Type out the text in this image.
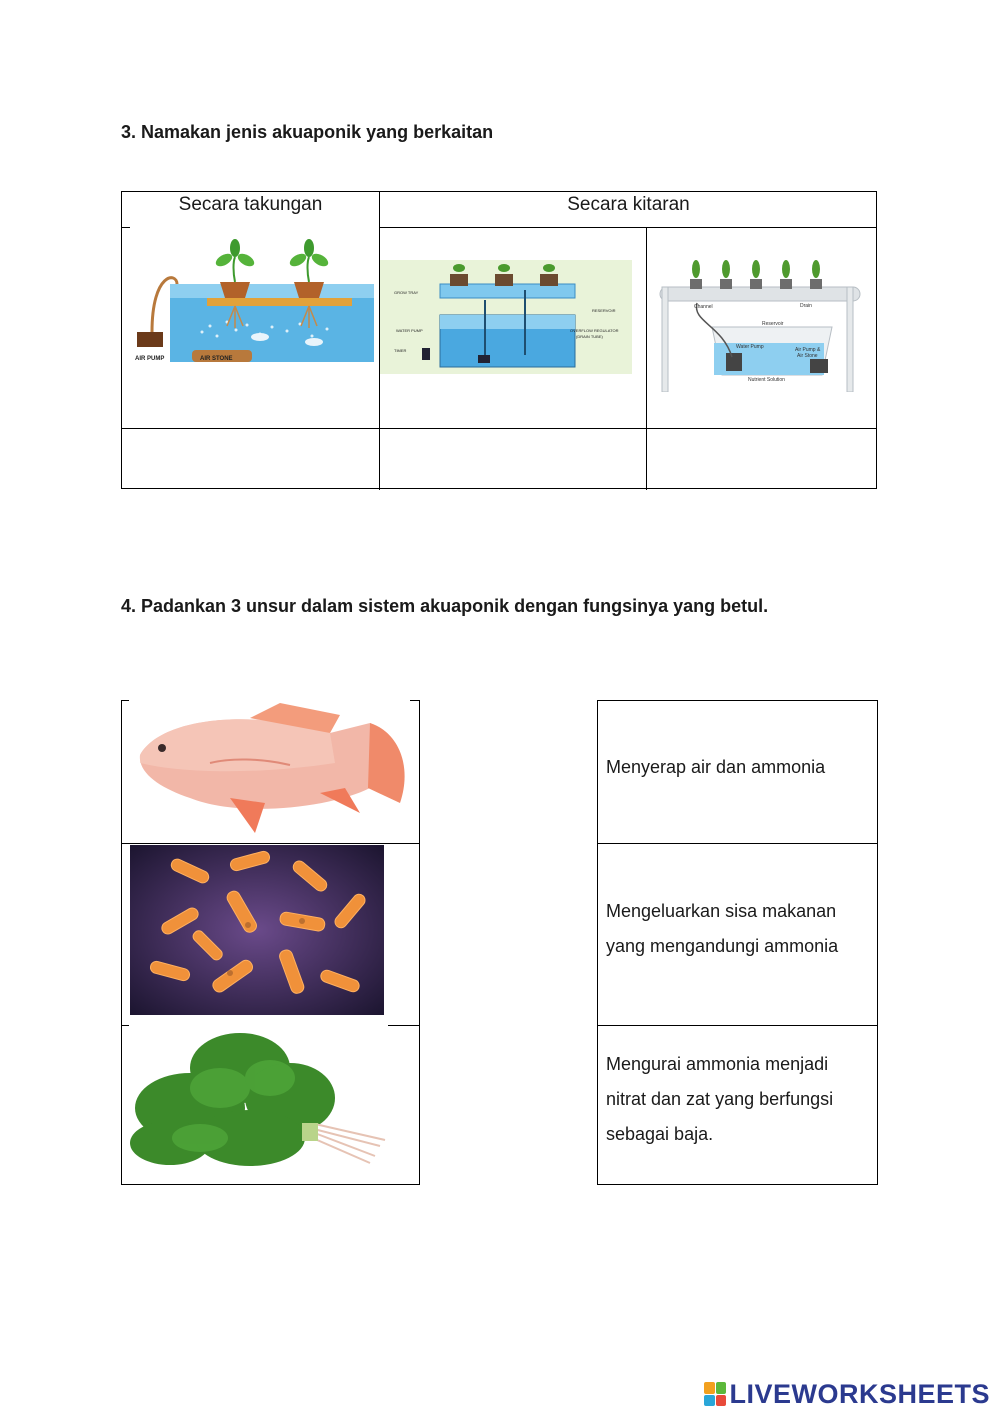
3. Namakan jenis akuaponik yang berkaitan
Secara takungan	Secara kitaran
AIR PUMP	AIR STONE
GROW TRAY
RESERVOIR
WATER PUMP
TIMER
OVERFLOW REGULATOR
(DRAIN TUBE)
Channel	Drain
Reservoir
Water Pump	Air Pump &
Air Stone
Nutrient Solution
4. Padankan 3 unsur dalam sistem akuaponik dengan fungsinya yang betul.
Menyerap air dan ammonia
Mengeluarkan sisa makanan
yang mengandungi ammonia
Mengurai ammonia menjadi
nitrat dan zat yang berfungsi
sebagai baja.
LIVEWORKSHEETS
